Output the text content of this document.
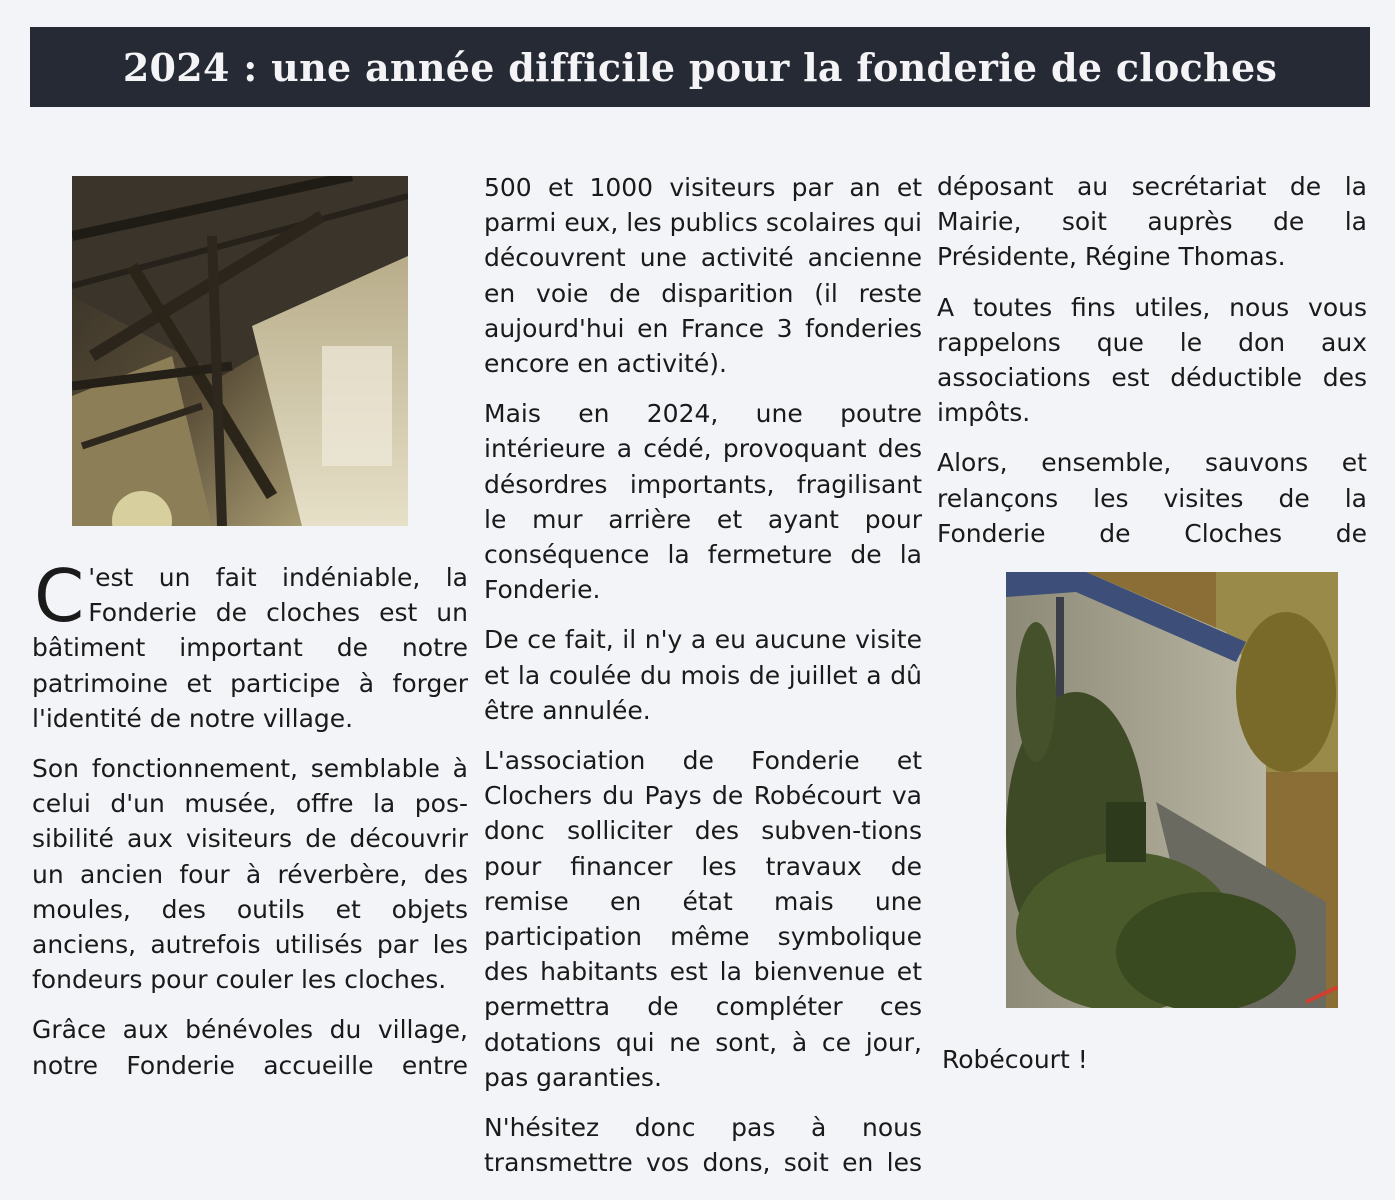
2024 : une année difficile pour la fonderie de cloches

C 'est un fait indéniable, la Fonderie de cloches est un bâtiment important de notre patrimoine et participe à forger l'identité de notre village.

Son fonctionnement, semblable à celui d'un musée, offre la pos-sibilité aux visiteurs de découvrir un ancien four à réverbère, des moules, des outils et objets anciens, autrefois utilisés par les fondeurs pour couler les cloches.

Grâce aux bénévoles du village, notre Fonderie accueille entre

500 et 1000 visiteurs par an et parmi eux, les publics scolaires qui découvrent une activité ancienne en voie de disparition (il reste aujourd'hui en France 3 fonderies encore en activité).

Mais en 2024, une poutre intérieure a cédé, provoquant des désordres importants, fragilisant le mur arrière et ayant pour conséquence la fermeture de la Fonderie.

De ce fait, il n'y a eu aucune visite et la coulée du mois de juillet a dû être annulée.

L'association de Fonderie et Clochers du Pays de Robécourt va donc solliciter des subven-tions pour financer les travaux de remise en état mais une participation même symbolique des habitants est la bienvenue et permettra de compléter ces dotations qui ne sont, à ce jour, pas garanties.

N'hésitez donc pas à nous transmettre vos dons, soit en les

déposant au secrétariat de la Mairie, soit auprès de la Présidente, Régine Thomas.

A toutes fins utiles, nous vous rappelons que le don aux associations est déductible des impôts.

Alors, ensemble, sauvons et relançons les visites de la Fonderie de Cloches de

Robécourt !
